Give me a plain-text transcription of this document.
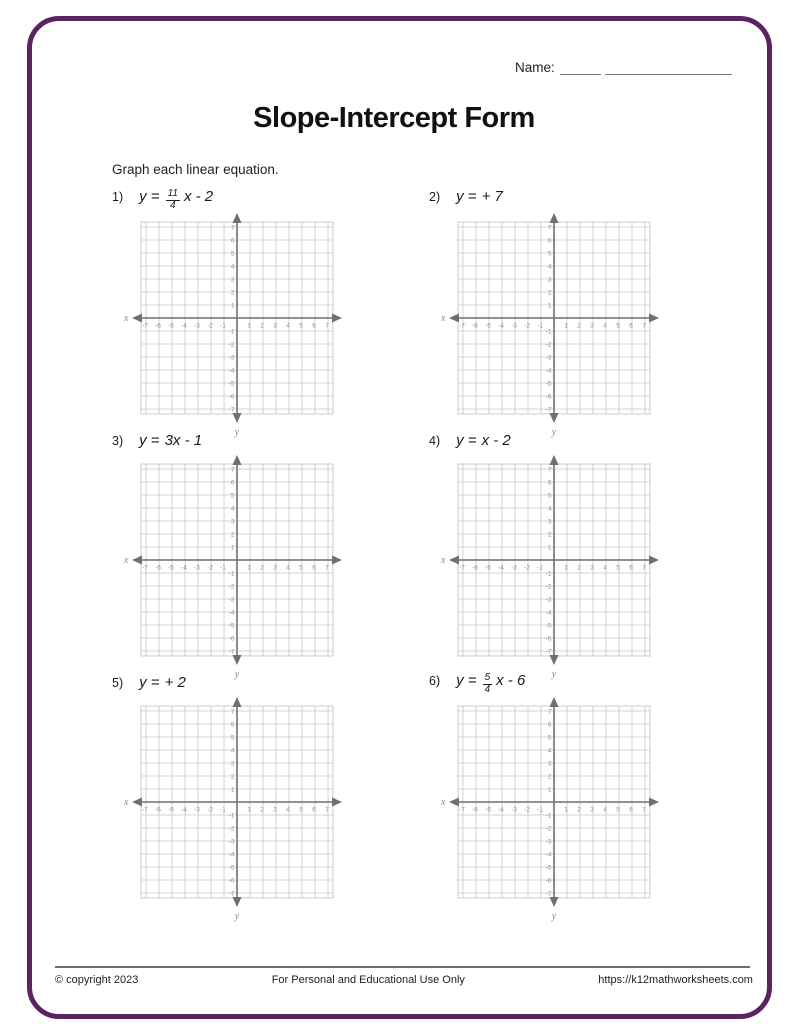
Name:
Slope-Intercept Form
Graph each linear equation.
1) $y = \frac{11}{4}$ x - 2	2) y = + 7
3) y = 3x - 1	4) y = x - 2
5) y = + 2	6) $y = \frac{5}{4}$ x - 6
-7 -6 -5 -4 -3 -2 -1	1 2 3 4 5 6 7
7
6
5
4
3
2
1
-1
-2
-3
-4
-5
-6
-7
x
y
-7 -6 -5 -4 -3 -2 -1	1 2 3 4 5 6 7
7
6
5
4
3
2
1
-1
-2
-3
-4
-5
-6
-7
x
y
-7 -6 -5 -4 -3 -2 -1	1 2 3 4 5 6 7
7
6
5
4
3
2
1
-1
-2
-3
-4
-5
-6
-7
x
y
-7 -6 -5 -4 -3 -2 -1	1 2 3 4 5 6 7
7
6
5
4
3
2
1
-1
-2
-3
-4
-5
-6
-7
x
y
-7 -6 -5 -4 -3 -2 -1	1 2 3 4 5 6 7
7
6
5
4
3
2
1
-1
-2
-3
-4
-5
-6
-7
x
y
-7 -6 -5 -4 -3 -2 -1	1 2 3 4 5 6 7
7
6
5
4
3
2
1
-1
-2
-3
-4
-5
-6
-7
x
y
© copyright 2023	For Personal and Educational Use Only	https://k12mathworksheets.com
